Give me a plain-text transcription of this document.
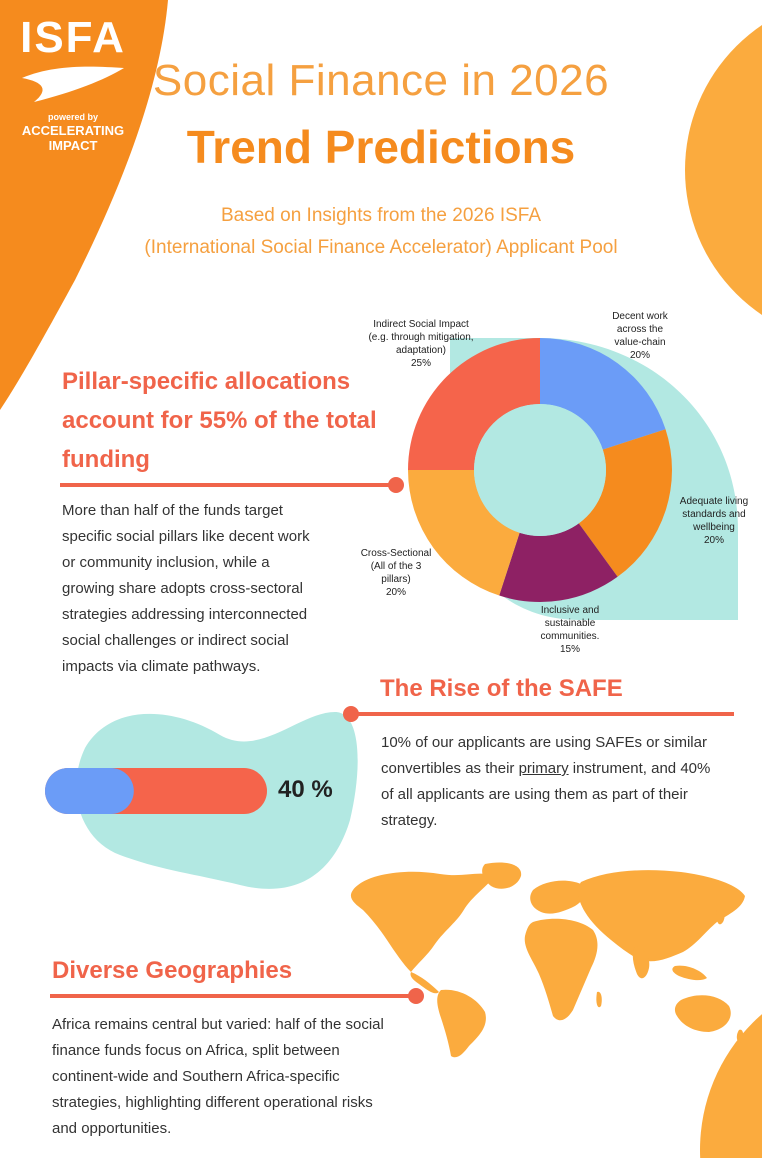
ISFA
powered by
ACCELERATING
IMPACT
Social Finance in 2026
Trend Predictions
Based on Insights from the 2026 ISFA
(International Social Finance Accelerator) Applicant Pool
Pillar-specific allocations
account for 55% of the total
funding
More than half of the funds target
specific social pillars like decent work
or community inclusion, while a
growing share adopts cross-sectoral
strategies addressing interconnected
social challenges or indirect social
impacts via climate pathways.
Decent work
across the
value-chain
20%
Adequate living
standards and
wellbeing
20%
Inclusive and
sustainable
communities.
15%
Cross-Sectional
(All of the 3
pillars)
20%
Indirect Social Impact
(e.g. through mitigation,
adaptation)
25%
The Rise of the SAFE
10% of our applicants are using SAFEs or similar
convertibles as their primary instrument, and 40%
of all applicants are using them as part of their
strategy.
40 %
Diverse Geographies
Africa remains central but varied: half of the social
finance funds focus on Africa, split between
continent-wide and Southern Africa-specific
strategies, highlighting different operational risks
and opportunities.
